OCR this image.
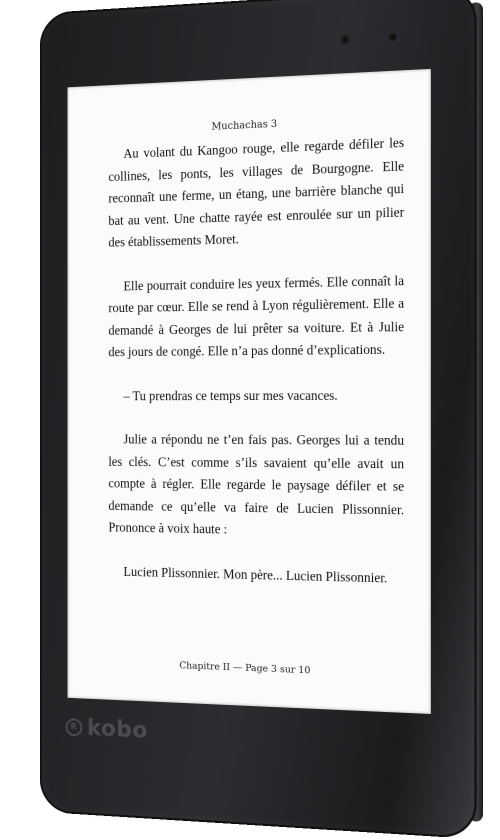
Muchachas 3

Au volant du Kangoo rouge, elle regarde défiler les collines, les ponts, les villages de Bourgogne. Elle reconnaît une ferme, un étang, une barrière blanche qui bat au vent. Une chatte rayée est enroulée sur un pilier des établissements Moret.

Elle pourrait conduire les yeux fermés. Elle connaît la route par cœur. Elle se rend à Lyon régulièrement. Elle a demandé à Georges de lui prêter sa voiture. Et à Julie des jours de congé. Elle n’a pas donné d’explications.

– Tu prendras ce temps sur mes vacances.

Julie a répondu ne t’en fais pas. Georges lui a tendu les clés. C’est comme s’ils savaient qu’elle avait un compte à régler. Elle regarde le paysage défiler et se demande ce qu’elle va faire de Lucien Plissonnier. Prononce à voix haute :

Lucien Plissonnier. Mon père... Lucien Plissonnier.

Chapitre II — Page 3 sur 10
R kobo
